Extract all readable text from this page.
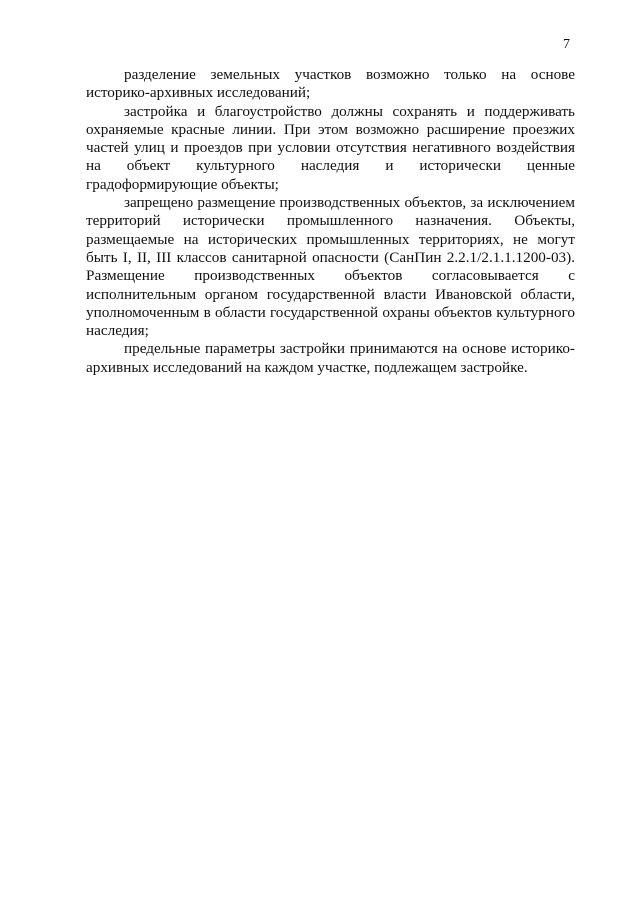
7

разделение земельных участков возможно только на основе историко-архивных исследований;

застройка и благоустройство должны сохранять и поддерживать охраняемые красные линии. При этом возможно расширение проезжих частей улиц и проездов при условии отсутствия негативного воздействия на объект культурного наследия и исторически ценные градоформирующие объекты;

запрещено размещение производственных объектов, за исключением территорий исторически промышленного назначения. Объекты, размещаемые на исторических промышленных территориях, не могут быть I, II, III классов санитарной опасности (СанПин 2.2.1/2.1.1.1200-03). Размещение производственных объектов согласовывается с исполнительным органом государственной власти Ивановской области, уполномоченным в области государственной охраны объектов культурного наследия;

предельные параметры застройки принимаются на основе историко-архивных исследований на каждом участке, подлежащем застройке.
